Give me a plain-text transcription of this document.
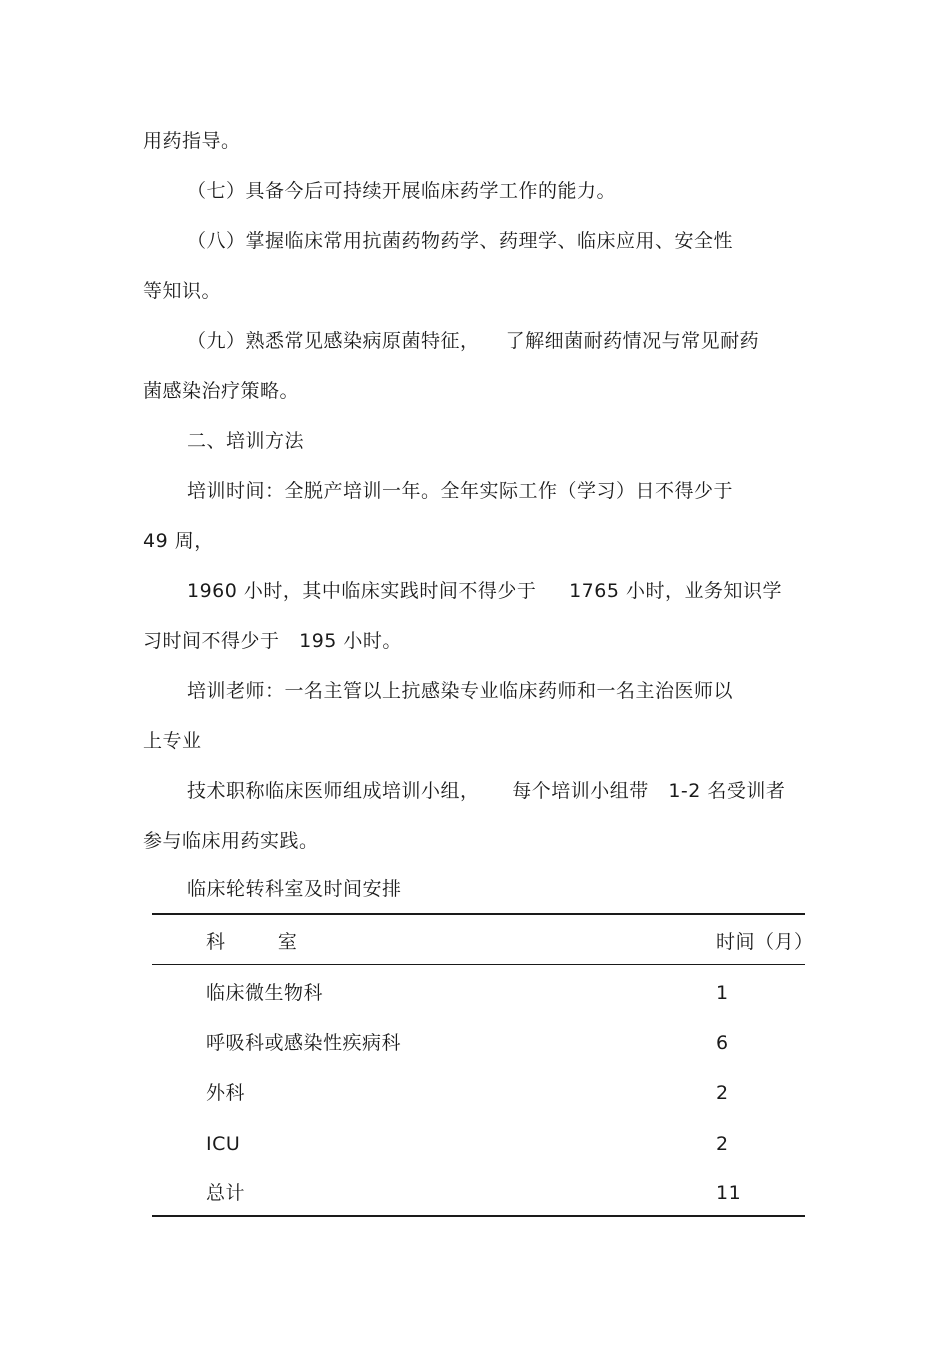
用药指导。
（七）具备今后可持续开展临床药学工作的能力。
（八）掌握临床常用抗菌药物药学、药理学、临床应用、安全性
等知识。
（九）熟悉常见感染病原菌特征，    了解细菌耐药情况与常见耐药
菌感染治疗策略。
二、培训方法
培训时间：全脱产培训一年。全年实际工作（学习）日不得少于
49 周，
1960 小时，其中临床实践时间不得少于     1765 小时，业务知识学
习时间不得少于   195 小时。
培训老师：一名主管以上抗感染专业临床药师和一名主治医师以
上专业
技术职称临床医师组成培训小组，     每个培训小组带   1-2 名受训者
参与临床用药实践。
临床轮转科室及时间安排
科        室	时间（月）
临床微生物科	1
呼吸科或感染性疾病科	6
外科	2
ICU	2
总计	11
